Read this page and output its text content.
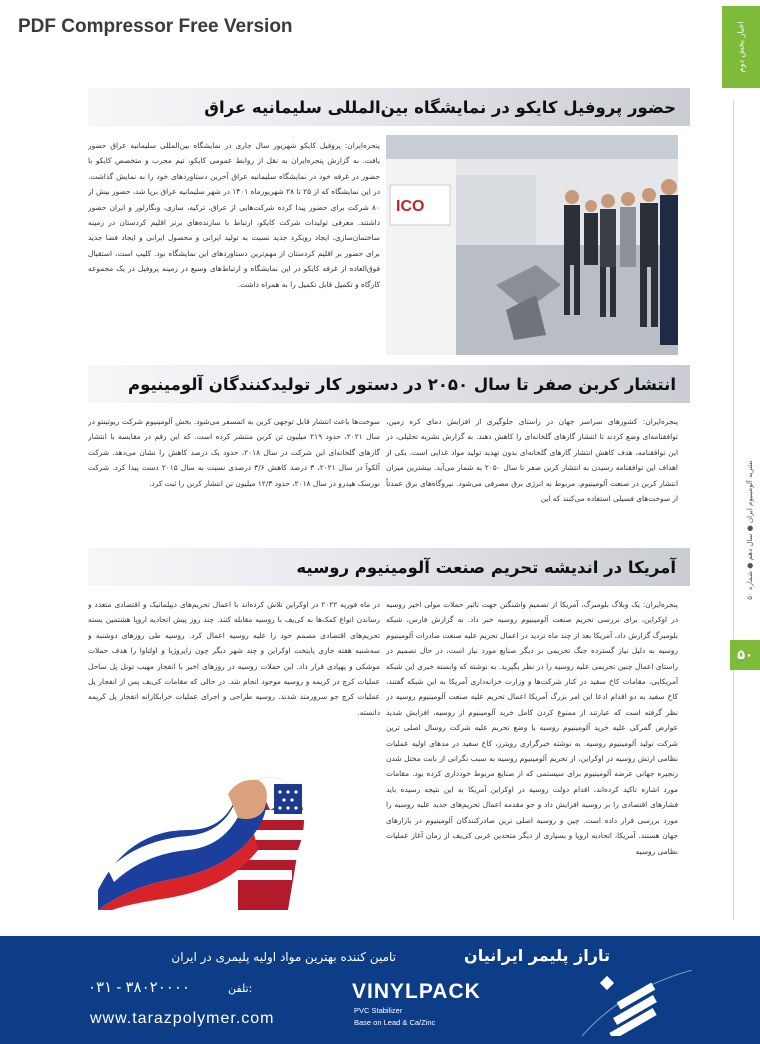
PDF Compressor Free Version	اخبار بخش دوم
نشریه آلومینیوم ایران ● سال دهم ● شماره ۵۰
۵۰
حضور پروفیل کایکو در نمایشگاه بین‌المللی سلیمانیه عراق

پنجره‌ایران: پروفیل کایکو شهریور سال جاری در نمایشگاه بین‌المللی سلیمانیه عراق حضور یافت. به گزارش پنجره‌ایران به نقل از روابط عمومی کایکو، تیم مجرب و متخصص کایکو با حضور در غرفه خود در نمایشگاه سلیمانیه عراق آخرین دستاوردهای خود را به نمایش گذاشت. در این نمایشگاه که از ۲۵ تا ۲۸ شهریورماه ۱۴۰۱ در شهر سلیمانیه عراق برپا شد، حضور بیش از ۸۰ شرکت برای حضور پیدا کرده شرکت‌هایی از عراق، ترکیه، سازی، ونگارلور و ایران حضور داشتند. معرفی تولیدات شرکت کایکو، ارتباط با سازنده‌های برتر اقلیم کردستان در زمینه ساختمان‌سازی، ایجاد رویکرد جدید نسبت به تولید ایرانی و محصول ایرانی و ایجاد فضا جدید برای حضور بر اقلیم کردستان از مهم‌ترین دستاوردهای این نمایشگاه بود. کلیپ است، استقبال فوق‌العاده از غرفه کایکو در این نمایشگاه و ارتباط‌های وسیع در زمینه پروفیل در یک مجموعه کارگاه و تکمیل قابل تکمیل را به همراه داشت.

ICO
انتشار کربن صفر تا سال ۲۰۵۰ در دستور کار تولیدکنندگان آلومینیوم

پنجره‌ایران: کشورهای سراسر جهان در راستای جلوگیری از افزایش دمای کره زمین، توافقنامه‌ای وضع کردند تا انتشار گازهای گلخانه‌ای را کاهش دهند. به گزارش نشریه تحلیلی، در این توافقنامه، هدف کاهش انتشار گازهای گلخانه‌ای بدون تهدید تولید مواد غذایی است. یکی از اهداف این توافقنامه رسیدن به انتشار کربن صفر تا سال ۲۰۵۰ به شمار می‌آید. بیشترین میزان انتشار کربن در صنعت آلومینیوم، مربوط به انرژی برق مصرفی می‌شود. نیروگاه‌های برق عمدتاً از سوخت‌های فسیلی استفاده می‌کنند که این

سوخت‌ها باعث انتشار قابل توجهی کربن به اتمسفر می‌شود. بخش آلومینیوم شرکت ریوتینتو در سال ۲۰۲۱، حدود ۲۱۹ میلیون تن کربن منتشر کرده است. که این رقم در مقایسه با انتشار گازهای گلخانه‌ای این شرکت در سال ۲۰۱۸، حدود یک درصد کاهش را نشان می‌دهد. شرکت آلکوآ در سال ۲۰۲۱، ۳ درصد کاهش ۳/۶ درصدی نسبت به سال ۲۰۱۵ دست پیدا کرد. شرکت نورسک هیدرو در سال ۲۰۱۸، حدود ۱۲/۳ میلیون تن انتشار کربن را ثبت کرد.

آمریکا در اندیشه تحریم صنعت آلومینیوم روسیه

پنجره‌ایران: یک وبلاگ بلومبرگ، آمریکا از تصمیم واشنگتن جهت تاثیر حملات مولی اخیر روسیه در اوکراین، برای بررسی تحریم صنعت آلومینیوم روسیه خبر داد. به گزارش فارس، شبکه بلومبرگ گزارش داد، آمریکا بعد از چند ماه تردید در اعمال تحریم علیه صنعت صادرات آلومینیوم روسیه به دلیل نیاز گسترده جنگ تحریمی بر دیگر صنایع مورد نیاز است، در حال تصمیم در راستای اعمال چنین تحریمی علیه روسیه را در نظر بگیرید. به نوشته که وابسته خبری این شبکه آمریکایی، مقامات کاخ سفید در کنار شرکت‌ها و وزارت خزانه‌داری آمریکا به این شبکه گفتند، کاخ سفید به دو اقدام ادعا این امر بزرگ آمریکا اعمال تحریم علیه صنعت آلومینیوم روسیه در نظر گرفته است که عبارتند از ممنوع کردن کامل خرید آلومینیوم از روسیه، افزایش شدید عوارض گمرکی علیه خرید آلومینیوم روسیه یا وضع تحریم علیه شرکت روسال اصلی ترین شرکت تولید آلومینیوم روسیه. به نوشته خبرگزاری رویترز، کاخ سفید در مدهای اولیه عملیات نظامی ارتش روسیه در اوکراین، از تحریم آلومینیوم روسیه به سبب نگرانی از بابت مختل شدن زنجیره جهانی عرضه آلومینیوم برای سیستمی که از صنایع مربوط خودداری کرده بود. مقامات مورد اشاره تاکید کرده‌اند، اقدام دولت روسیه در اوکراین آمریکا به این نتیجه رسیده باید فشارهای اقتصادی را بر روسیه افزایش داد و جو مقدمه اعمال تحریم‌های جدید علیه روسیه را مورد بررسی قرار داده است. چین و روسیه اصلی ترین صادرکنندگان آلومینیوم در بازارهای جهان هستند. آمریکا، اتحادیه اروپا و بسیاری از دیگر متحدین غربی کی‌یف از زمان آغاز عملیات نظامی روسیه

در ماه فوریه ۲۰۲۲ در اوکراین تلاش کرده‌اند با اعمال تحریم‌های دیپلماتیک و اقتصادی متعدد و رساندن انواع کمک‌ها به کی‌یف با روسیه مقابله کنند. چند روز پیش اتحادیه اروپا هشتمین بسته تحریم‌های اقتصادی مصمم خود را علیه روسیه اعمال کرد. روسیه طی روزهای دوشنبه و سه‌شنبه هفته جاری پایتخت اوکراین و چند شهر دیگر چون زاپروژیا و اولتاوا را هدف حملات موشکی و پهپادی قرار داد. این حملات روسیه در روزهای اخیر با انفجار مهیب تونل پل ساحل عملیات کرچ در کریمه و روسیه موجود انجام شد. در حالی که مقامات کی‌یف پس از انفجار پل عملیات کرچ جو سرورمند شدند. روسیه طراحی و اجرای عملیات خرابکارانه انفجار پل کریمه دانسته.

تاراز پلیمر ایرانیان
تامین کننده بهترین مواد اولیه پلیمری در ایران
تلفن:
۰۳۱ - ۳۸۰۲۰۰۰۰
www.tarazpolymer.com
VINYLPACK
PVC Stabilizer
Base on Lead & Ca/Zinc
